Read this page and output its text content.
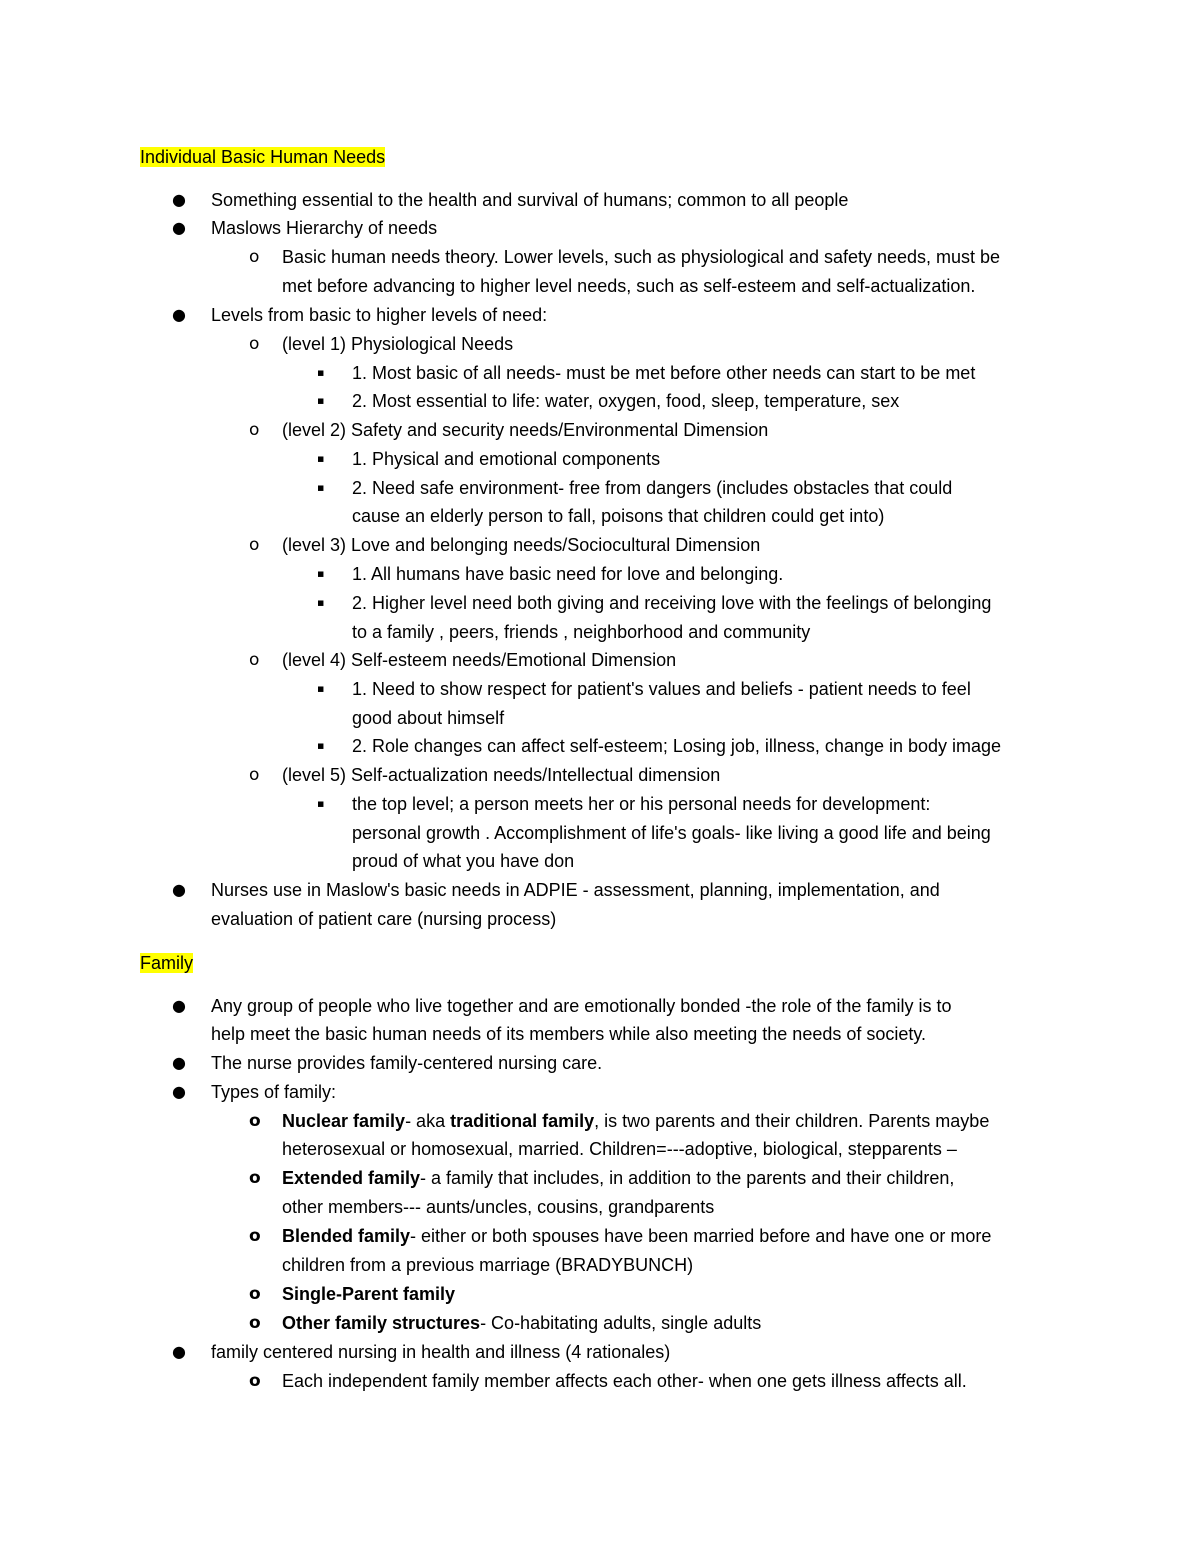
Individual Basic Human Needs
● Something essential to the health and survival of humans; common to all people
● Maslows Hierarchy of needs
o Basic human needs theory. Lower levels, such as physiological and safety needs, must be
met before advancing to higher level needs, such as self-esteem and self-actualization.
● Levels from basic to higher levels of need:
o (level 1) Physiological Needs
▪ 1. Most basic of all needs- must be met before other needs can start to be met
▪ 2. Most essential to life: water, oxygen, food, sleep, temperature, sex
o (level 2) Safety and security needs/Environmental Dimension
▪ 1. Physical and emotional components
▪ 2. Need safe environment- free from dangers (includes obstacles that could
cause an elderly person to fall, poisons that children could get into)
o (level 3) Love and belonging needs/Sociocultural Dimension
▪ 1. All humans have basic need for love and belonging.
▪ 2. Higher level need both giving and receiving love with the feelings of belonging
to a family , peers, friends , neighborhood and community
o (level 4) Self-esteem needs/Emotional Dimension
▪ 1. Need to show respect for patient's values and beliefs - patient needs to feel
good about himself
▪ 2. Role changes can affect self-esteem; Losing job, illness, change in body image
o (level 5) Self-actualization needs/Intellectual dimension
▪ the top level; a person meets her or his personal needs for development:
personal growth . Accomplishment of life's goals- like living a good life and being
proud of what you have don
● Nurses use in Maslow's basic needs in ADPIE - assessment, planning, implementation, and
evaluation of patient care (nursing process)
Family
● Any group of people who live together and are emotionally bonded -the role of the family is to
help meet the basic human needs of its members while also meeting the needs of society.
● The nurse provides family-centered nursing care.
● Types of family:
o Nuclear family- aka traditional family, is two parents and their children. Parents maybe
heterosexual or homosexual, married. Children=---adoptive, biological, stepparents –
o Extended family- a family that includes, in addition to the parents and their children,
other members--- aunts/uncles, cousins, grandparents
o Blended family- either or both spouses have been married before and have one or more
children from a previous marriage (BRADYBUNCH)
o Single-Parent family
o Other family structures- Co-habitating adults, single adults
● family centered nursing in health and illness (4 rationales)
o Each independent family member affects each other- when one gets illness affects all.
